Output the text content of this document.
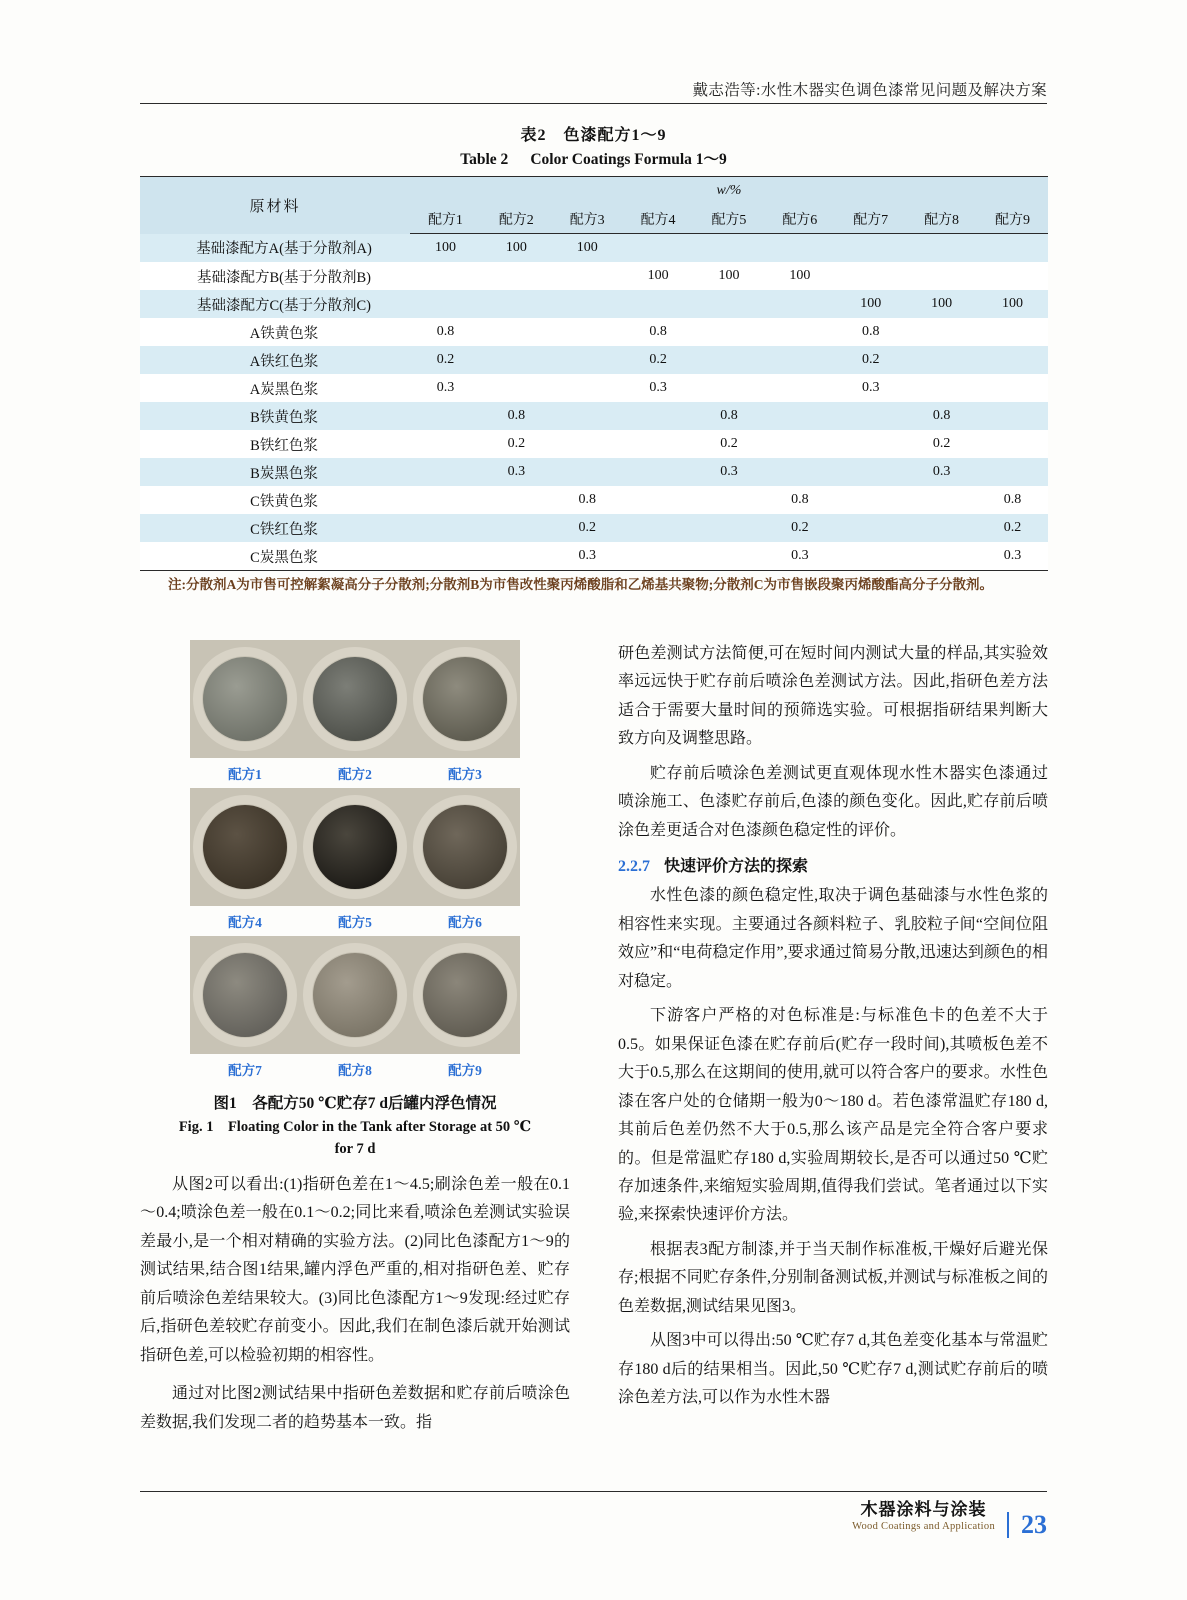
戴志浩等:水性木器实色调色漆常见问题及解决方案
表2　色漆配方1～9
Table 2 Color Coatings Formula 1～9
原材料	w/%								
	配方1	配方2	配方3	配方4	配方5	配方6	配方7	配方8	配方9
基础漆配方A(基于分散剂A)	100	100	100						
基础漆配方B(基于分散剂B)				100	100	100			
基础漆配方C(基于分散剂C)							100	100	100
A铁黄色浆	0.8			0.8			0.8		
A铁红色浆	0.2			0.2			0.2		
A炭黑色浆	0.3			0.3			0.3		
B铁黄色浆		0.8			0.8			0.8	
B铁红色浆		0.2			0.2			0.2	
B炭黑色浆		0.3			0.3			0.3	
C铁黄色浆			0.8			0.8			0.8
C铁红色浆			0.2			0.2			0.2
C炭黑色浆			0.3			0.3			0.3
注:分散剂A为市售可控解絮凝高分子分散剂;分散剂B为市售改性聚丙烯酸脂和乙烯基共聚物;分散剂C为市售嵌段聚丙烯酸酯高分子分散剂。
配方1	配方2	配方3
配方4	配方5	配方6
配方7	配方8	配方9
图1　各配方50 ℃贮存7 d后罐内浮色情况
Fig. 1　Floating Color in the Tank after Storage at 50 ℃
for 7 d

从图2可以看出:(1)指研色差在1～4.5;刷涂色差一般在0.1～0.4;喷涂色差一般在0.1～0.2;同比来看,喷涂色差测试实验误差最小,是一个相对精确的实验方法。(2)同比色漆配方1～9的测试结果,结合图1结果,罐内浮色严重的,相对指研色差、贮存前后喷涂色差结果较大。(3)同比色漆配方1～9发现:经过贮存后,指研色差较贮存前变小。因此,我们在制色漆后就开始测试指研色差,可以检验初期的相容性。

通过对比图2测试结果中指研色差数据和贮存前后喷涂色差数据,我们发现二者的趋势基本一致。指

研色差测试方法简便,可在短时间内测试大量的样品,其实验效率远远快于贮存前后喷涂色差测试方法。因此,指研色差方法适合于需要大量时间的预筛选实验。可根据指研结果判断大致方向及调整思路。

贮存前后喷涂色差测试更直观体现水性木器实色漆通过喷涂施工、色漆贮存前后,色漆的颜色变化。因此,贮存前后喷涂色差更适合对色漆颜色稳定性的评价。

2.2.7 快速评价方法的探索

水性色漆的颜色稳定性,取决于调色基础漆与水性色浆的相容性来实现。主要通过各颜料粒子、乳胶粒子间“空间位阻效应”和“电荷稳定作用”,要求通过简易分散,迅速达到颜色的相对稳定。

下游客户严格的对色标准是:与标准色卡的色差不大于0.5。如果保证色漆在贮存前后(贮存一段时间),其喷板色差不大于0.5,那么在这期间的使用,就可以符合客户的要求。水性色漆在客户处的仓储期一般为0～180 d。若色漆常温贮存180 d,其前后色差仍然不大于0.5,那么该产品是完全符合客户要求的。但是常温贮存180 d,实验周期较长,是否可以通过50 ℃贮存加速条件,来缩短实验周期,值得我们尝试。笔者通过以下实验,来探索快速评价方法。

根据表3配方制漆,并于当天制作标准板,干燥好后避光保存;根据不同贮存条件,分别制备测试板,并测试与标准板之间的色差数据,测试结果见图3。

从图3中可以得出:50 ℃贮存7 d,其色差变化基本与常温贮存180 d后的结果相当。因此,50 ℃贮存7 d,测试贮存前后的喷涂色差方法,可以作为水性木器

木器涂料与涂装
Wood Coatings and Application 23
